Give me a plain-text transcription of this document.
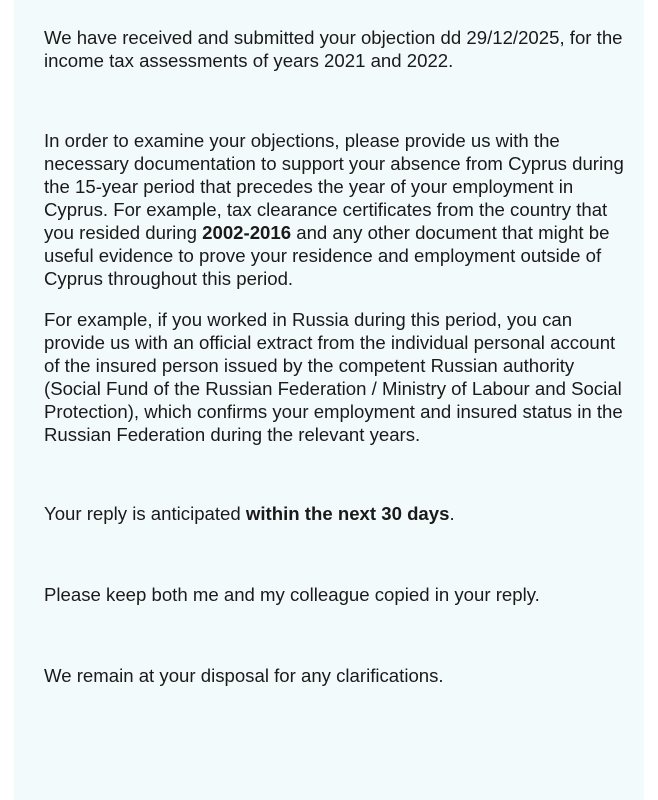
We have received and submitted your objection dd 29/12/2025, for the income tax assessments of years 2021 and 2022.

In order to examine your objections, please provide us with the necessary documentation to support your absence from Cyprus during the 15-year period that precedes the year of your employment in Cyprus. For example, tax clearance certificates from the country that you resided during 2002-2016 and any other document that might be useful evidence to prove your residence and employment outside of Cyprus throughout this period.

For example, if you worked in Russia during this period, you can provide us with an official extract from the individual personal account of the insured person issued by the competent Russian authority (Social Fund of the Russian Federation / Ministry of Labour and Social Protection), which confirms your employment and insured status in the Russian Federation during the relevant years.

Your reply is anticipated within the next 30 days.

Please keep both me and my colleague copied in your reply.

We remain at your disposal for any clarifications.
